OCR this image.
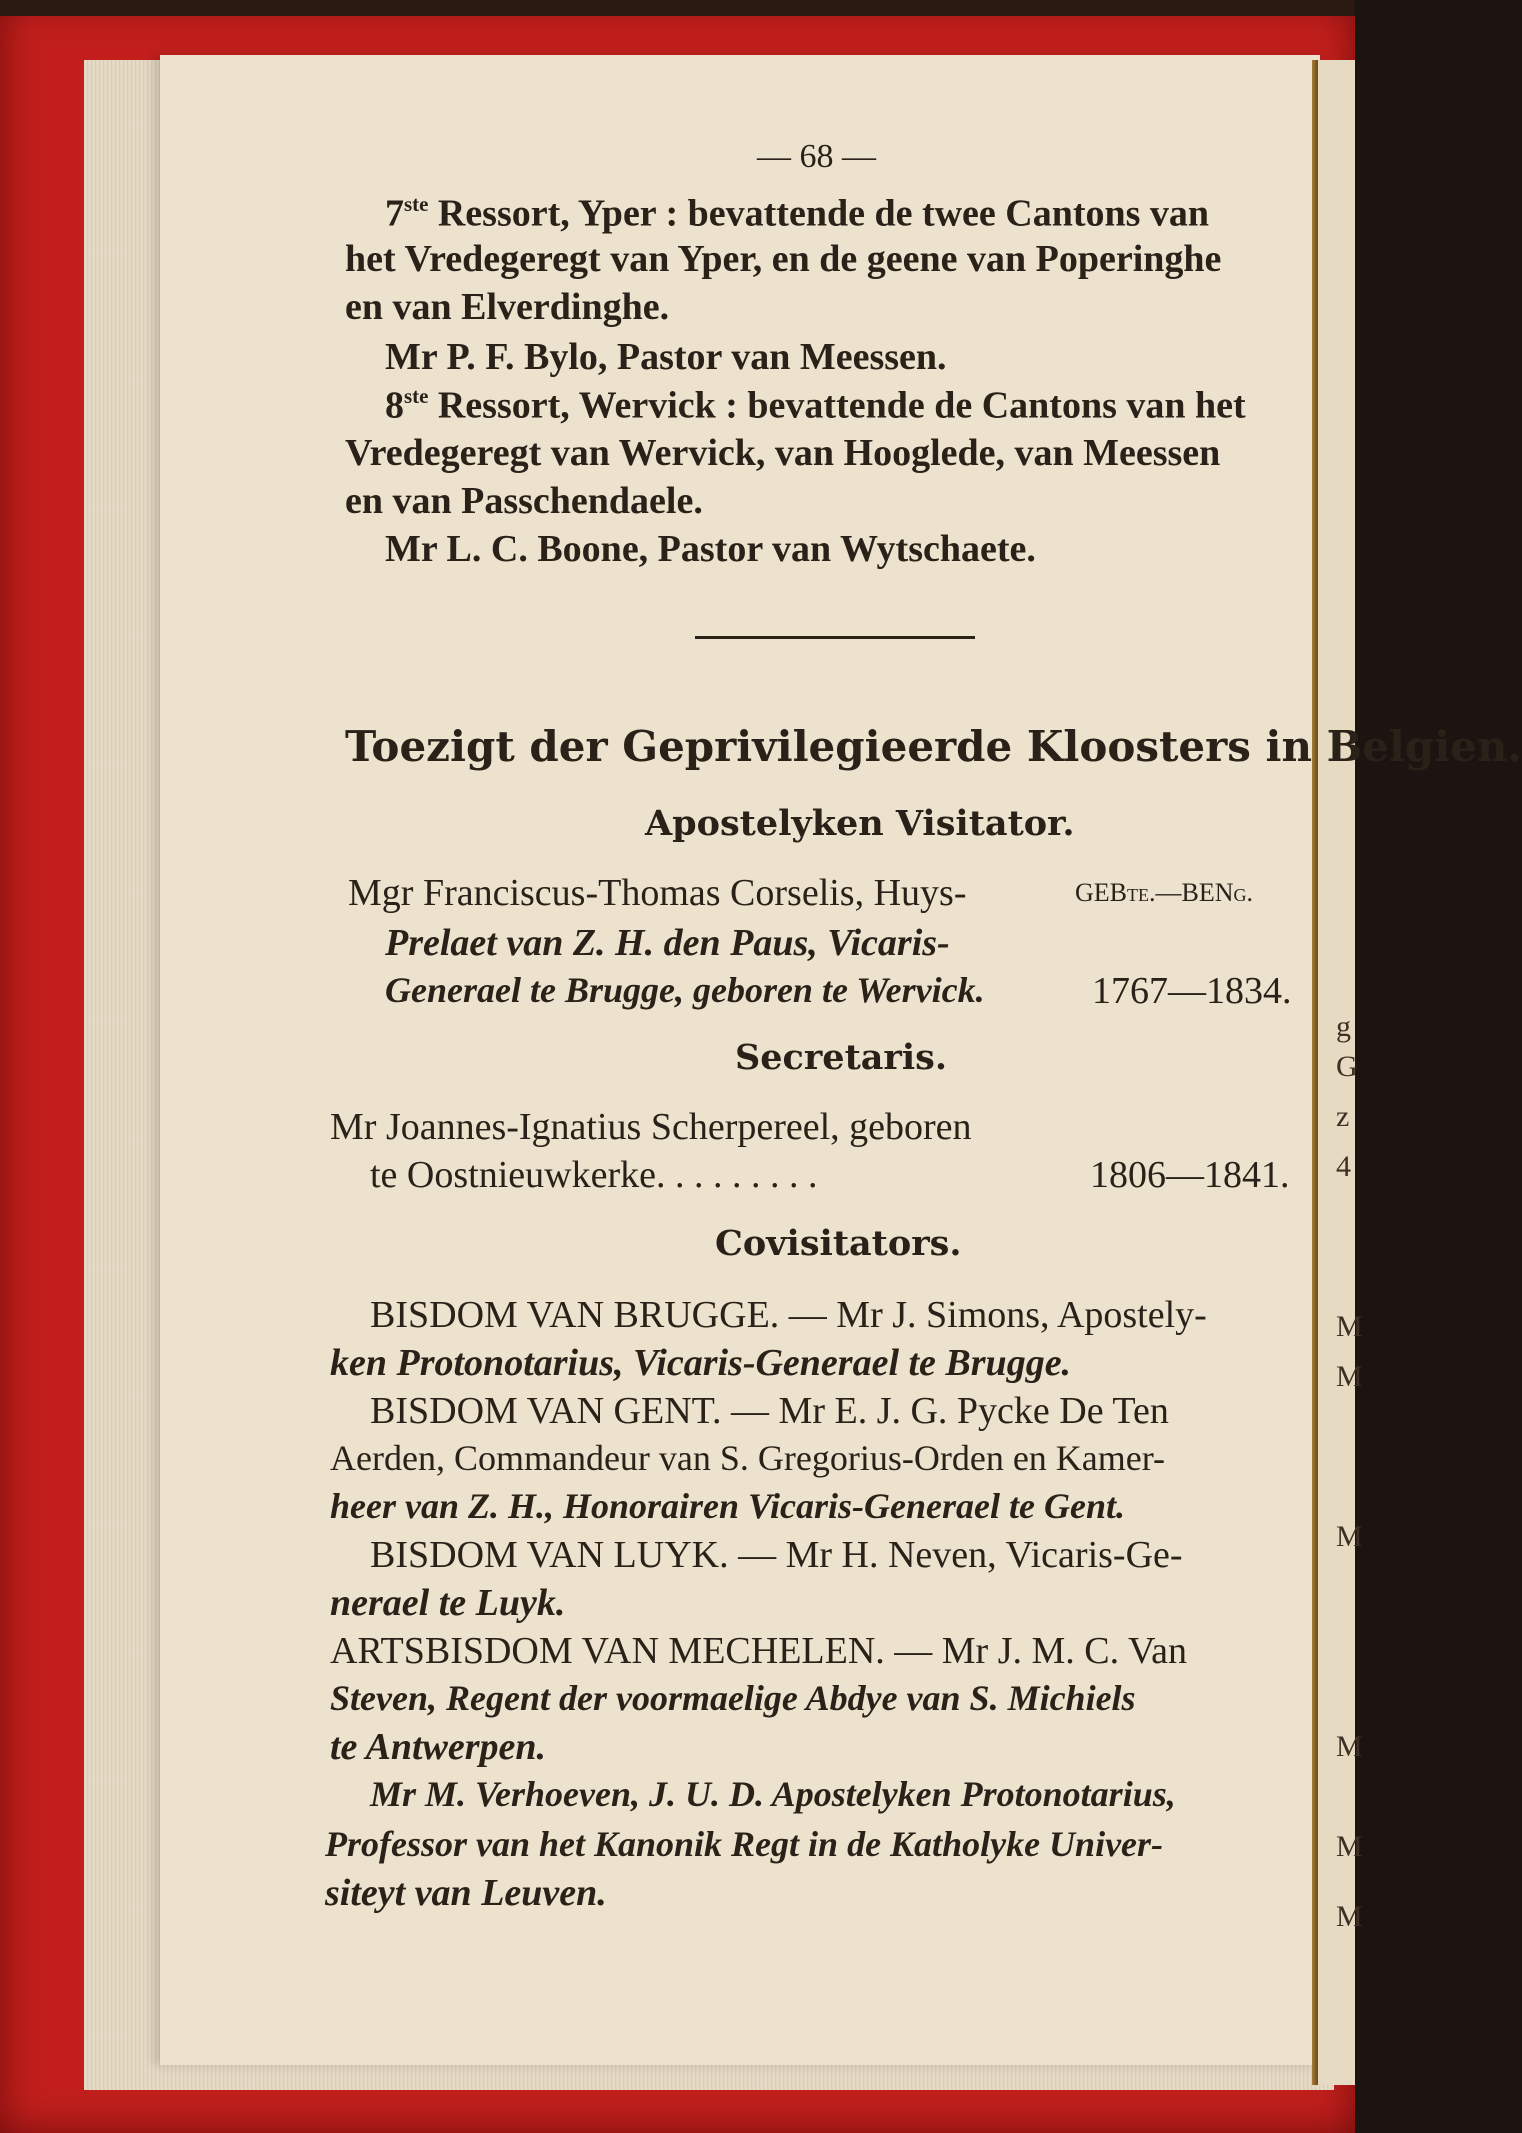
g
G
z
4
M
M
M
M
M
M
— 68 —
7ste Ressort, Yper : bevattende de twee Cantons van
het Vredegeregt van Yper, en de geene van Poperinghe
en van Elverdinghe.
Mr P. F. Bylo, Pastor van Meessen.
8ste Ressort, Wervick : bevattende de Cantons van het
Vredegeregt van Wervick, van Hooglede, van Meessen
en van Passchendaele.
Mr L. C. Boone, Pastor van Wytschaete.
Toezigt der Geprivilegieerde Kloosters in Belgien.
Apostelyken Visitator.
Mgr Franciscus-Thomas Corselis, Huys-	GEBte.—BENg.
Prelaet van Z. H. den Paus, Vicaris-
Generael te Brugge, geboren te Wervick.	1767—1834.
Secretaris.
Mr Joannes-Ignatius Scherpereel, geboren
te Oostnieuwkerke. . . . . . . . .	1806—1841.
Covisitators.
BISDOM VAN BRUGGE. — Mr J. Simons, Apostely-
ken Protonotarius, Vicaris-Generael te Brugge.
BISDOM VAN GENT. — Mr E. J. G. Pycke De Ten
Aerden, Commandeur van S. Gregorius-Orden en Kamer-
heer van Z. H., Honorairen Vicaris-Generael te Gent.
BISDOM VAN LUYK. — Mr H. Neven, Vicaris-Ge-
nerael te Luyk.
ARTSBISDOM VAN MECHELEN. — Mr J. M. C. Van
Steven, Regent der voormaelige Abdye van S. Michiels
te Antwerpen.
Mr M. Verhoeven, J. U. D. Apostelyken Protonotarius,
Professor van het Kanonik Regt in de Katholyke Univer-
siteyt van Leuven.
